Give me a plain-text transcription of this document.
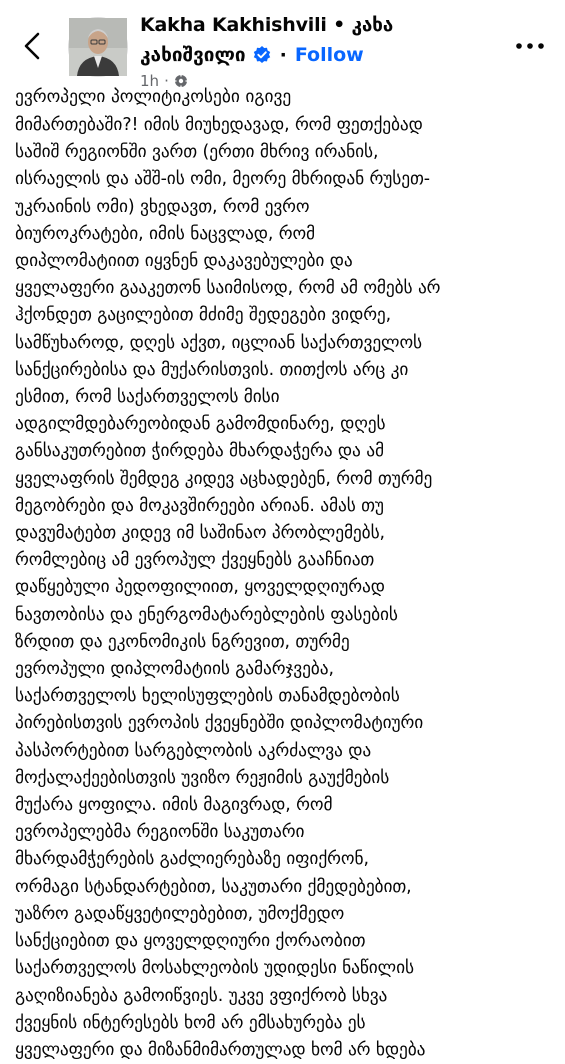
Kakha Kakhishvili • კახა
კახიშვილი · Follow
1h ·
ევროპელი პოლიტიკოსები იგივე
მიმართებაში?! იმის მიუხედავად, რომ ფეთქებად
საშიშ რეგიონში ვართ (ერთი მხრივ ირანის,
ისრაელის და აშშ-ის ომი, მეორე მხრიდან რუსეთ-
უკრაინის ომი) ვხედავთ, რომ ევრო
ბიუროკრატები, იმის ნაცვლად, რომ
დიპლომატიით იყვნენ დაკავებულები და
ყველაფერი გააკეთონ საიმისოდ, რომ ამ ომებს არ
ჰქონდეთ გაცილებით მძიმე შედეგები ვიდრე,
სამწუხაროდ, დღეს აქვთ, იცლიან საქართველოს
სანქცირებისა და მუქარისთვის. თითქოს არც კი
ესმით, რომ საქართველოს მისი
ადგილმდებარეობიდან გამომდინარე, დღეს
განსაკუთრებით ჭირდება მხარდაჭერა და ამ
ყველაფრის შემდეგ კიდევ აცხადებენ, რომ თურმე
მეგობრები და მოკავშირეები არიან. ამას თუ
დავუმატებთ კიდევ იმ საშინაო პრობლემებს,
რომლებიც ამ ევროპულ ქვეყნებს გააჩნიათ
დაწყებული პედოფილიით, ყოველდღიურად
ნავთობისა და ენერგომატარებლების ფასების
ზრდით და ეკონომიკის ნგრევით, თურმე
ევროპული დიპლომატიის გამარჯვება,
საქართველოს ხელისუფლების თანამდებობის
პირებისთვის ევროპის ქვეყნებში დიპლომატიური
პასპორტებით სარგებლობის აკრძალვა და
მოქალაქეებისთვის უვიზო რეჟიმის გაუქმების
მუქარა ყოფილა. იმის მაგივრად, რომ
ევროპელებმა რეგიონში საკუთარი
მხარდამჭერების გაძლიერებაზე იფიქრონ,
ორმაგი სტანდარტებით, საკუთარი ქმედებებით,
უაზრო გადაწყვეტილებებით, უმოქმედო
სანქციებით და ყოველდღიური ქორაობით
საქართველოს მოსახლეობის უდიდესი ნაწილის
გაღიზიანება გამოიწვიეს. უკვე ვფიქრობ სხვა
ქვეყნის ინტერესებს ხომ არ ემსახურება ეს
ყველაფერი და მიზანმიმართულად ხომ არ ხდება
